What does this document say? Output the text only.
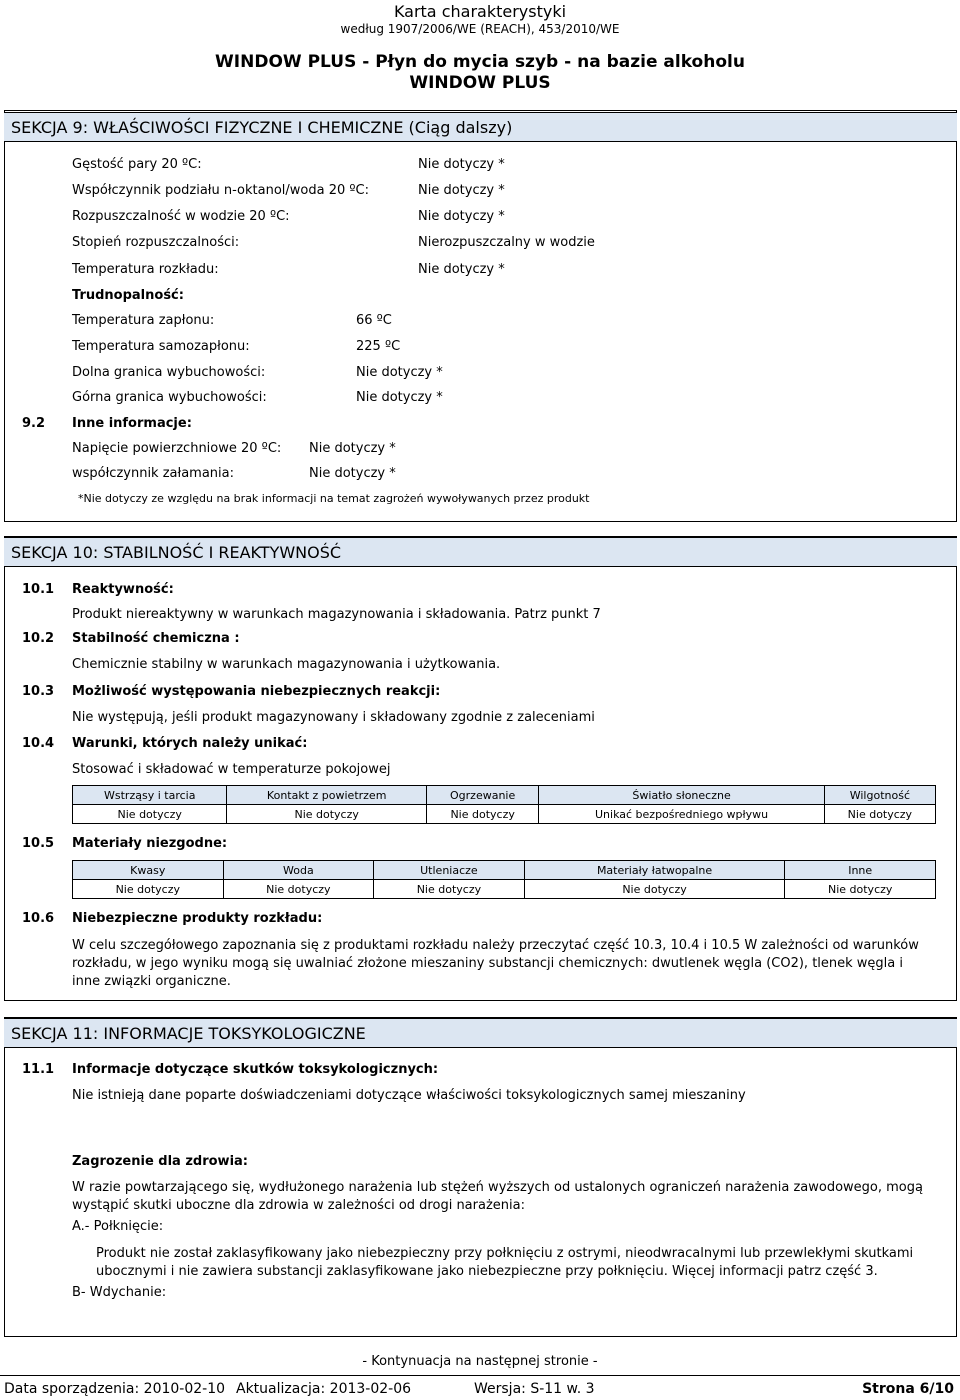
Karta charakterystyki
według 1907/2006/WE (REACH), 453/2010/WE
WINDOW PLUS - Płyn do mycia szyb - na bazie alkoholu
WINDOW PLUS
SEKCJA 9: WŁAŚCIWOŚCI FIZYCZNE I CHEMICZNE (Ciąg dalszy)
Gęstość pary 20 ºC:	Nie dotyczy *
Współczynnik podziału n-oktanol/woda 20 ºC:	Nie dotyczy *
Rozpuszczalność w wodzie 20 ºC:	Nie dotyczy *
Stopień rozpuszczalności:	Nierozpuszczalny w wodzie
Temperatura rozkładu:	Nie dotyczy *
Trudnopalność:
Temperatura zapłonu:	66 ºC
Temperatura samozapłonu:	225 ºC
Dolna granica wybuchowości:	Nie dotyczy *
Górna granica wybuchowości:	Nie dotyczy *
9.2 Inne informacje:
Napięcie powierzchniowe 20 ºC: Nie dotyczy *
współczynnik załamania:	Nie dotyczy *
*Nie dotyczy ze względu na brak informacji na temat zagrożeń wywoływanych przez produkt
SEKCJA 10: STABILNOŚĆ I REAKTYWNOŚĆ
10.1 Reaktywność:
Produkt niereaktywny w warunkach magazynowania i składowania. Patrz punkt 7
10.2 Stabilność chemiczna :
Chemicznie stabilny w warunkach magazynowania i użytkowania.
10.3 Możliwość występowania niebezpiecznych reakcji:
Nie występują, jeśli produkt magazynowany i składowany zgodnie z zaleceniami
10.4 Warunki, których należy unikać:
Stosować i składować w temperaturze pokojowej
Wstrząsy i tarcia	Kontakt z powietrzem	Ogrzewanie	Światło słoneczne	Wilgotność
Nie dotyczy	Nie dotyczy	Nie dotyczy	Unikać bezpośredniego wpływu	Nie dotyczy
10.5 Materiały niezgodne:
Kwasy	Woda	Utleniacze	Materiały łatwopalne	Inne
Nie dotyczy	Nie dotyczy	Nie dotyczy	Nie dotyczy	Nie dotyczy
10.6 Niebezpieczne produkty rozkładu:
W celu szczegółowego zapoznania się z produktami rozkładu należy przeczytać część 10.3, 10.4 i 10.5 W zależności od warunków rozkładu, w jego wyniku mogą się uwalniać złożone mieszaniny substancji chemicznych: dwutlenek węgla (CO2), tlenek węgla i inne związki organiczne.
SEKCJA 11: INFORMACJE TOKSYKOLOGICZNE
11.1 Informacje dotyczące skutków toksykologicznych:
Nie istnieją dane poparte doświadczeniami dotyczące właściwości toksykologicznych samej mieszaniny
Zagrozenie dla zdrowia:
W razie powtarzającego się, wydłużonego narażenia lub stężeń wyższych od ustalonych ograniczeń narażenia zawodowego, mogą wystąpić skutki uboczne dla zdrowia w zależności od drogi narażenia:
A.- Połknięcie:
Produkt nie został zaklasyfikowany jako niebezpieczny przy połknięciu z ostrymi, nieodwracalnymi lub przewlekłymi skutkami ubocznymi i nie zawiera substancji zaklasyfikowane jako niebezpieczne przy połknięciu. Więcej informacji patrz część 3.
B- Wdychanie:
- Kontynuacja na następnej stronie -
Data sporządzenia: 2010-02-10 Aktualizacja: 2013-02-06	Wersja: S-11 w. 3	Strona 6/10
